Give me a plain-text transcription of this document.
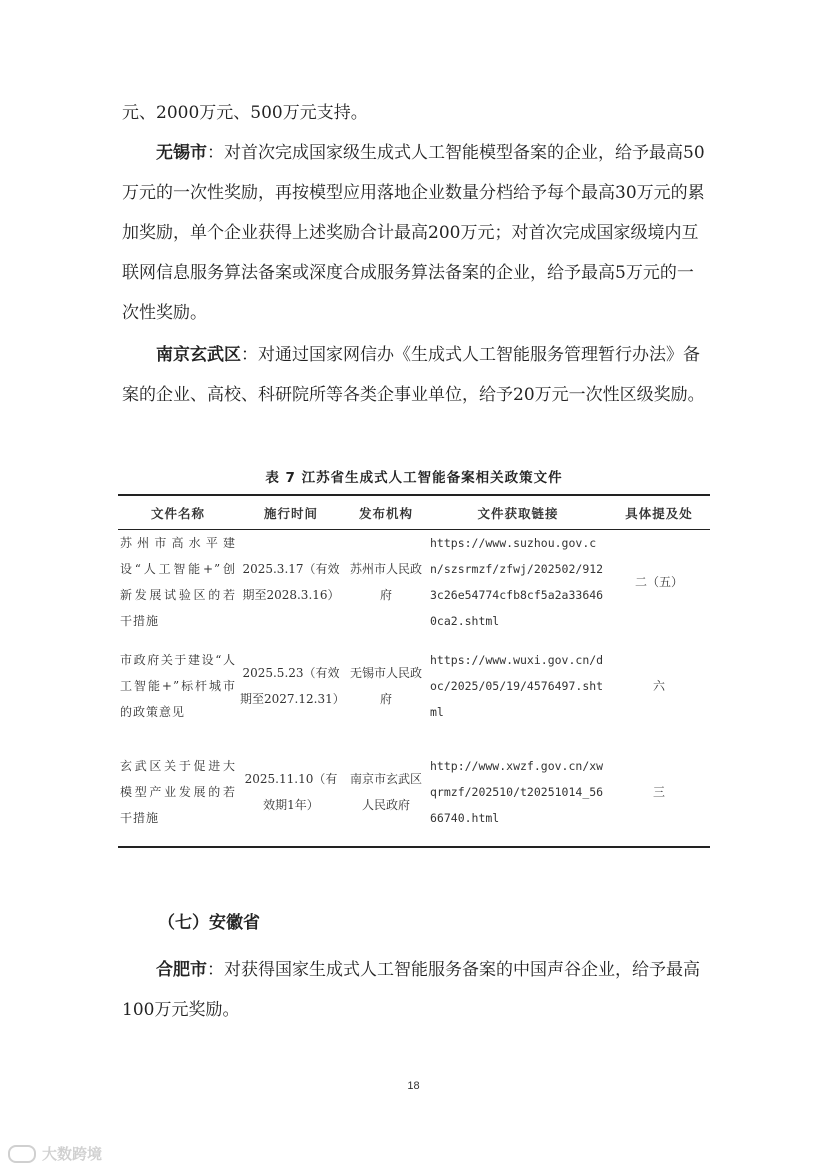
元、2000万元、500万元支持。

无锡市：对首次完成国家级生成式人工智能模型备案的企业，给予最高50万元的一次性奖励，再按模型应用落地企业数量分档给予每个最高30万元的累加奖励，单个企业获得上述奖励合计最高200万元；对首次完成国家级境内互联网信息服务算法备案或深度合成服务算法备案的企业，给予最高5万元的一次性奖励。

南京玄武区：对通过国家网信办《生成式人工智能服务管理暂行办法》备案的企业、高校、科研院所等各类企事业单位，给予20万元一次性区级奖励。

表 7 江苏省生成式人工智能备案相关政策文件
文件名称	施行时间	发布机构	文件获取链接	具体提及处
苏州市高水平建设“人工智能+”创新发展试验区的若干措施	2025.3.17（有效期至2028.3.16）	苏州市人民政府	https://www.suzhou.gov.cn/szsrmzf/zfwj/202502/9123c26e54774cfb8cf5a2a336460ca2.shtml	二（五）
市政府关于建设“人工智能+”标杆城市的政策意见	2025.5.23（有效期至2027.12.31）	无锡市人民政府	https://www.wuxi.gov.cn/doc/2025/05/19/4576497.shtml	六
玄武区关于促进大模型产业发展的若干措施	2025.11.10（有效期1年）	南京市玄武区人民政府	http://www.xwzf.gov.cn/xwqrmzf/202510/t20251014_5666740.html	三
（七）安徽省

合肥市：对获得国家生成式人工智能服务备案的中国声谷企业，给予最高100万元奖励。

18
大数跨境
